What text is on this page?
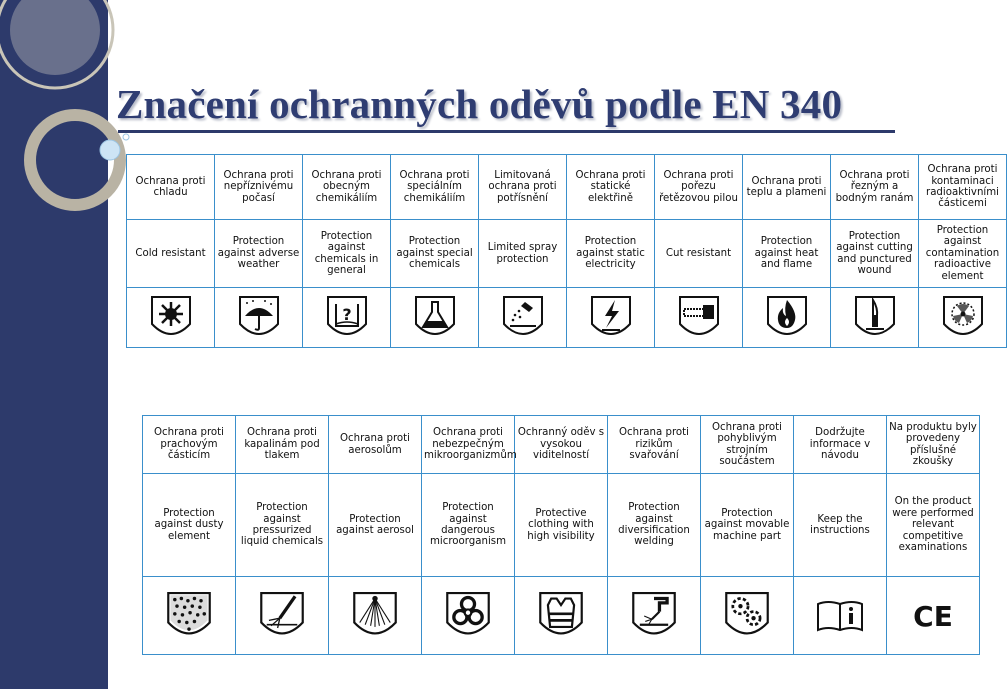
Značení ochranných oděvů podle EN 340
Ochrana proti chladu	Ochrana proti nepříznivému počasí	Ochrana proti obecným chemikáliím	Ochrana proti speciálním chemikáliím	Limitovaná ochrana proti potřísnění	Ochrana proti statické elektřině	Ochrana proti pořezu řetězovou pilou	Ochrana proti teplu a plameni	Ochrana proti řezným a bodným ranám	Ochrana proti kontaminaci radioaktivními částicemi
Cold resistant	Protection against adverse weather	Protection against chemicals in general	Protection against special chemicals	Limited spray protection	Protection against static electricity	Cut resistant	Protection against heat and flame	Protection against cutting and punctured wound	Protection against contamination radioactive element

?

Ochrana proti prachovým částicím	Ochrana proti kapalinám pod tlakem	Ochrana proti aerosolům	Ochrana proti nebezpečným mikroorganizmům	Ochranný oděv s vysokou viditelností	Ochrana proti rizikům svařování	Ochrana proti pohyblivým strojním součástem	Dodržujte informace v návodu	Na produktu byly provedeny příslušné zkoušky
Protection against dusty element	Protection against pressurized liquid chemicals	Protection against aerosol	Protection against dangerous microorganism	Protective clothing with high visibility	Protection against diversification welding	Protection against movable machine part	Keep the instructions	On the product were performed relevant competitive examinations

CE
